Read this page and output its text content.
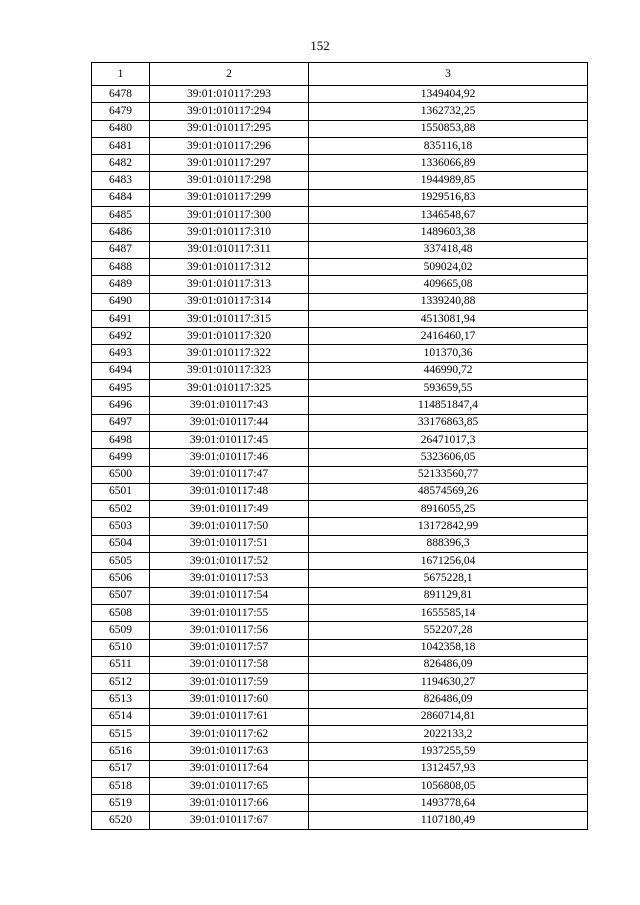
152
1	2	3
6478	39:01:010117:293	1349404,92
6479	39:01:010117:294	1362732,25
6480	39:01:010117:295	1550853,88
6481	39:01:010117:296	835116,18
6482	39:01:010117:297	1336066,89
6483	39:01:010117:298	1944989,85
6484	39:01:010117:299	1929516,83
6485	39:01:010117:300	1346548,67
6486	39:01:010117:310	1489603,38
6487	39:01:010117:311	337418,48
6488	39:01:010117:312	509024,02
6489	39:01:010117:313	409665,08
6490	39:01:010117:314	1339240,88
6491	39:01:010117:315	4513081,94
6492	39:01:010117:320	2416460,17
6493	39:01:010117:322	101370,36
6494	39:01:010117:323	446990,72
6495	39:01:010117:325	593659,55
6496	39:01:010117:43	114851847,4
6497	39:01:010117:44	33176863,85
6498	39:01:010117:45	26471017,3
6499	39:01:010117:46	5323606,05
6500	39:01:010117:47	52133560,77
6501	39:01:010117:48	48574569,26
6502	39:01:010117:49	8916055,25
6503	39:01:010117:50	13172842,99
6504	39:01:010117:51	888396,3
6505	39:01:010117:52	1671256,04
6506	39:01:010117:53	5675228,1
6507	39:01:010117:54	891129,81
6508	39:01:010117:55	1655585,14
6509	39:01:010117:56	552207,28
6510	39:01:010117:57	1042358,18
6511	39:01:010117:58	826486,09
6512	39:01:010117:59	1194630,27
6513	39:01:010117:60	826486,09
6514	39:01:010117:61	2860714,81
6515	39:01:010117:62	2022133,2
6516	39:01:010117:63	1937255,59
6517	39:01:010117:64	1312457,93
6518	39:01:010117:65	1056808,05
6519	39:01:010117:66	1493778,64
6520	39:01:010117:67	1107180,49
